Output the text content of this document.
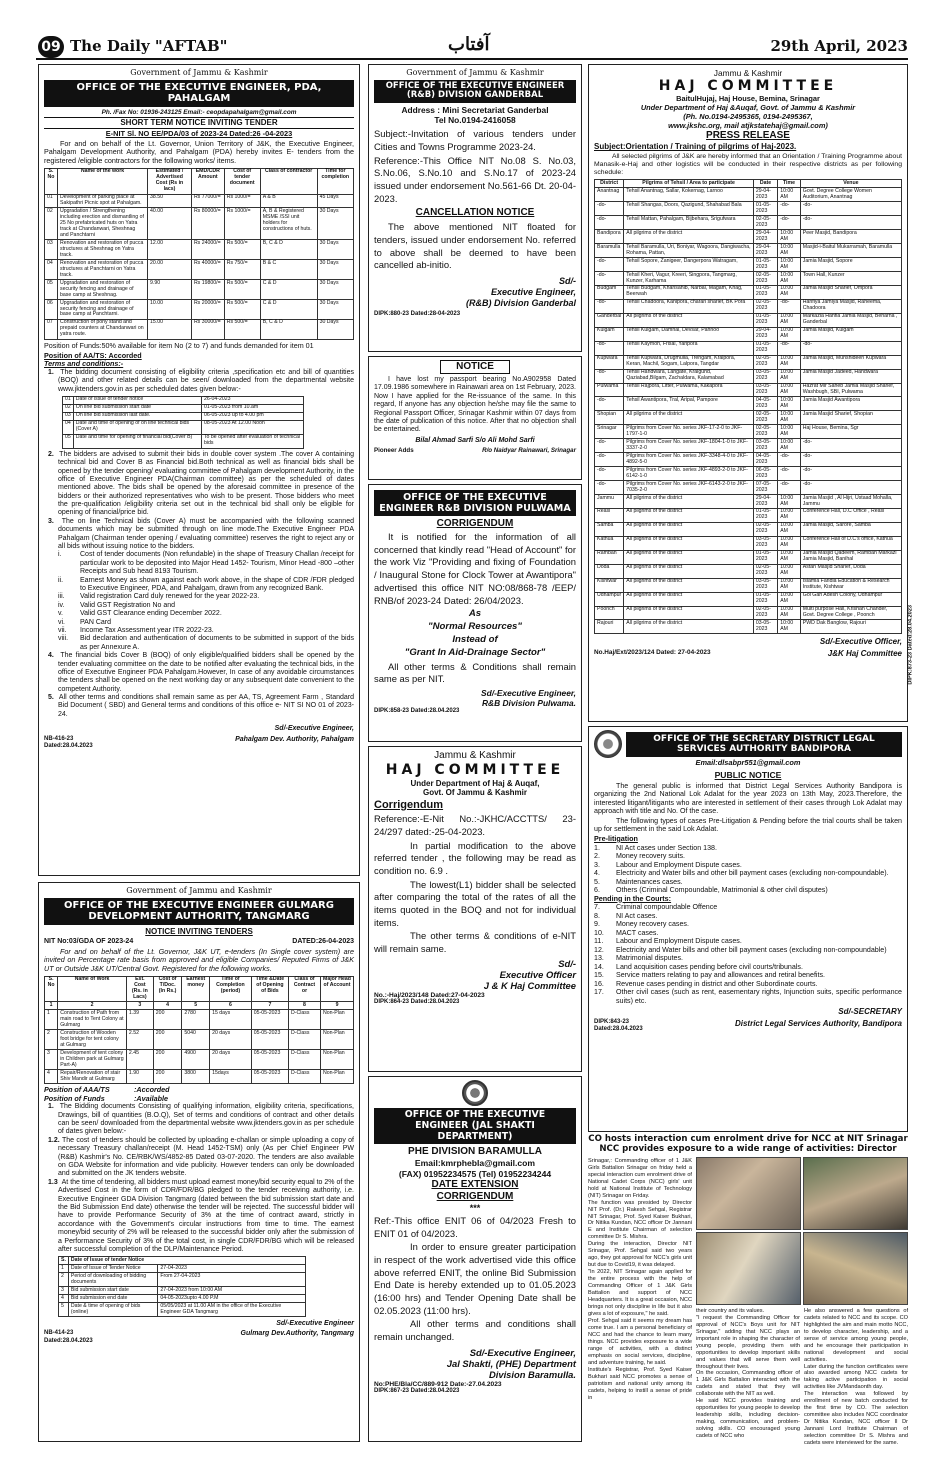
09 The Daily "AFTAB"	آفتاب	29th April, 2023
Government of Jammu & Kashmir
OFFICE OF THE EXECUTIVE ENGINEER, PDA, PAHALGAM
Ph. /Fax No: 01936-243125 Email:- ceopdapahalgam@gmail.com
SHORT TERM NOTICE INVITING TENDER
E-NIT Sl. NO EE/PDA/03 of 2023-24 Dated:26 -04-2023
For and on behalf of the Lt. Governor, Union Territory of J&K, the Executive Engineer, Pahalgam Development Authority, and Pahalgam (PDA) hereby invites E- tenders from the registered /eligible contractors for the following works/ items.
S. No	Name of the work	Estimated / Advertised Cost (Rs in lacs)	EMD/CDR Amount	Cost of tender document	Class of contractor	Time for completion
01	Development of parking place at Sakipathri Picnic spot at Pahalgam.	38.50	Rs 77000/=	Rs 1000/=	A & B	45 Days
02	Upgradation / Strengthening including erection and dismantling of 25 No prefabricated huts on Yatra track at Chandanwari, Sheshnag and Panchtarni	40.00	Rs 80000/=	Rs 1000/=	A, B & Registered MSME /SSI unit holders for constructions of huts.	30 Days
03	Renovation and restoration of pucca structures at Sheshnag on Yatra track.	12.00	Rs 24000/=	Rs 500/=	B, C & D	30 Days
04	Renovation and restoration of pucca structures at Panchtarni on Yatra track.	20.00	Rs 40000/=	Rs 750/=	B & C	30 Days
05	Upgradation and restoration of security fencing and drainage of base camp at Sheshnag.	9.90	Rs 19800/=	Rs 500/=	C & D	30 Days
06	Upgradation and restoration of security fencing and drainage of base camp at Panchtarni.	10.00	Rs 20000/=	Rs 500/=	C & D	30 Days
07	Construction of pony stand and prepaid counters at Chandanwari on yatra route.	15.00	Rs 30000/=	Rs 500/=	B, C & D	30 Days
Position of Funds:50% available for item No (2 to 7) and funds demanded for item 01
Position of AA/TS: Accorded
Terms and conditions:-
1.  The bidding document consisting of eligibility criteria ,specification etc and bill of quantities (BOQ) and other related details can be seen/ downloaded from the departmental website www.jktenders.gov.in as per scheduled dates given below:-
01	Date of issue of tender notice	26-04-2023
02	On line bid submission start date	01-05-2023 from 10.am
03	On line bid submission last date.	06-05-2023 up to 4.00 pm
04	Date and time of opening of on line technical bids (Cover A)	08-05-2023 At 12.00 Noon
05	Date and time for opening of financial bid(Cover B)	To be opened after evaluation of technical bids
2.  The bidders are advised to submit their bids in double cover system .The cover A containing technical bid and Cover B as Financial bid.Both technical as well as financial bids shall be opened by the tender opening/ evaluating committee of Pahalgam development Authority, in the office of Executive Engineer PDA(Chairman committee) as per the scheduled of dates mentioned above. The bids shall be opened by the aforesaid committee in presence of the bidders or their authorized representatives who wish to be present. Those bidders who meet the pre-qualification /eligibility criteria set out in the technical bid shall only be eligible for opening of financial/price bid.
3.  The on line Technical bids (Cover A) must be accompanied with the following scanned documents which may be submitted through on line mode.The Executive Engineer PDA Pahalgam (Chairman tender opening / evaluating committee) reserves the right to reject any or all bids without issuing notice to the bidders.
i.	Cost of tender documents (Non refundable) in the shape of Treasury Challan /receipt for particular work to be deposited into Major Head 1452- Tourism, Minor Head -800 –other Receipts and Sub head 8193 Tourism.
ii.	Earnest Money as shown against each work above, in the shape of CDR /FDR pledged to Executive Engineer, PDA, and Pahalgam, drawn from any recognized Bank.
iii.	Valid registration Card duly renewed for the year 2022-23.
iv.	Valid GST Registration No and
v.	Valid GST Clearance ending December 2022.
vi.	PAN Card
vii.	Income Tax Assessment year ITR 2022-23.
viii.	Bid declaration and authentication of documents to be submitted in support of the bids as per Annexure A.
4.  The financial bids Cover B (BOQ) of only eligible/qualified bidders shall be opened by the tender evaluating committee on the date to be notified after evaluating the technical bids, in the office of Executive Engineer PDA Pahalgam.However, In case of any avoidable circumstances the tenders shall be opened on the next working day or any subsequent date convenient to the competent Authority.
5.  All other terms and conditions shall remain same as per AA, TS, Agreement Farm , Standard Bid Document ( SBD) and General terms and conditions of this office e- NIT SI NO 01 of 2023-24.
Sd/-Executive Engineer,
NB-416-23
Dated:28.04.2023
Pahalgam Dev. Authority, Pahalgam
Government of Jammu and Kashmir
OFFICE OF THE EXECUTIVE ENGINEER GULMARG DEVELOPMENT AUTHORITY, TANGMARG
NOTICE INVITING TENDERS
NIT No:03/GDA OF 2023-24	DATED:26-04-2023
For and on behalf of the Lt. Governor, J&K UT, e-tenders (In Single cover system) are invited on Percentage rate basis from approved and eligible Companies/ Reputed Firms of J&K UT or Outside J&K UT/Central Govt. Registered for the following works.
S. No	Name of Work	Est. Cost (Rs. in Lacs)	Cost of T/Doc. (In Rs.)	Earnest money	Time of Completion (period)	Time &Date of Opening of Bids	Class of Contract or	Major Head of Account
1	2	3	4	5	6	7	8	9
1	Construction of Path from main road to Tent Colony at Gulmarg	1.39	200	2780	15 days	05-05-2023	D-Class	Non-Plan
2	Construction of Wooden foot bridge for tent colony at Gulmarg	2.52	200	5040	20 days	05-05-2023	D-Class	Non-Plan
3	Development of tent colony in Children park at Gulmarg Part-A)	2.45	200	4900	20 days	05-05-2023	D-Class	Non-Plan
4	Repair/Renovation of stair Shiv Mandir at Gulmarg	1.90	200	3800	15days	05-05-2023	D-Class	Non-Plan
Position of AAA/TS	:Accorded
Position of Funds	:Available
1.  The Bidding documents Consisting of qualifying information, eligibility criteria, specifications, Drawings, bill of quantities (B.O.Q), Set of terms and conditions of contract and other details can be seen/ downloaded from the departmental website www.jktenders.gov.in as per schedule of dates given below:-
1.2. The cost of tenders should be collected by uploading e-challan or simple uploading a copy of necessary Treasury challan/receipt (M. Head 1452-TSM) only (As per Chief Engineer PW (R&B) Kashmir's No. CE/RBK/WS/4852-85 Dated 03-07-2020. The tenders are also available on GDA Website for information and vide publicity. However tenders can only be downloaded and submitted on the JK tenders website.
1.3  At the time of tendering, all bidders must upload earnest money/bid security equal to 2% of the Advertised Cost in the form of CDR/FDR/BG pledged to the tender receiving authority, i.e. Executive Engineer GDA Division Tangmarg (dated between the bid submission start date and the Bid Submission End date) otherwise the tender will be rejected. The successful bidder will have to provide Performance Security of 3% at the time of contract award, strictly in accordance with the Government's circular instructions from time to time. The earnest money/bid security of 2% will be released to the successful bidder only after the submission of a Performance Security of 3% of the total cost, in single CDR/FDR/BG which will be released after successful completion of the DLP/Maintenance Period.
S.	Date of Issue of tender Notice	
1	Date of Issue of Tender Notice	27-04-2023
2	Period of downloading of bidding documents	From 27-04-2023
3	Bid submission start date	27-04-2023 from 10:00 AM
4	Bid submission end date	04-05-2023upto 4.00 P.M
5	Date & time of opening of bids (online)	05/05/2023 at 11.00 AM in the office of the Executive Engineer GDA Tangmarg
Sd/-Executive Engineer
NB-414-23
Dated:28.04.2023
Gulmarg Dev.Authority, Tangmarg
Government of Jammu & Kashmir
OFFICE OF THE EXECUTIVE ENGINEER (R&B) DIVISION GANDERBAL
Address : Mini Secretariat Ganderbal
Tel No.0194-2416058
Subject:-Invitation of various tenders under Cities and Towns Programme 2023-24.
Reference:-This Office NIT No.08 S. No.03, S.No.06, S.No.10 and S.No.17 of 2023-24 issued under endorsement No.561-66 Dt. 20-04-2023.
CANCELLATION NOTICE
The above mentioned NIT floated for tenders, issued under endorsement No. referred to above shall be deemed to have been cancelled ab-initio.
Sd/-
Executive Engineer,
(R&B) Division Ganderbal
DIPK:880-23 Dated:28-04-2023
NOTICE
I have lost my passport bearing No.A902958 Dated 17.09.1986 somewhere in Rainawari area on 1st February, 2023. Now I have applied for the Re-issuance of the same. In this regard, If anyone has any objection he/she may file the same to Regional Passport Officer, Srinagar Kashmir within 07 days from the date of publication of this notice. After that no objection shall be entertained.
Bilal Ahmad Sarfi S/o Ali Mohd Sarfi
Pioneer Adds	R/o Naidyar Rainawari, Srinagar
OFFICE OF THE EXECUTIVE ENGINEER R&B DIVISION PULWAMA
CORRIGENDUM
It is notified for the information of all concerned that kindly read "Head of Account" for the work Viz "Providing and fixing of Foundation / Inaugural Stone for Clock Tower at Awantipora" advertised this office NIT NO:08/868-78 /EEP/ RNB/of 2023-24 Dated: 26/04/2023.
As
"Normal Resources"
Instead of
"Grant In Aid-Drainage Sector"
All other terms & Conditions shall remain same as per NIT.
Sd/-Executive Engineer,
R&B Division Pulwama.
DIPK:858-23 Dated:28.04.2023
Jammu & Kashmir
HAJ COMMITTEE
Under Department of Haj & Auqaf,
Govt. Of Jammu & Kashmir
Corrigendum
Reference:-E-Nit No.:-JKHC/ACCTTS/ 23-24/297 dated:-25-04-2023.
In partial modification to the above referred tender , the following may be read as condition no. 6.9 .
The lowest(L1) bidder shall be selected after comparing the total of the rates of all the items quoted in the BOQ and not for individual items.
The other terms & conditions of e-NIT will remain same.
Sd/-
Executive Officer
J & K Haj Committee
No.:-Haj/2023/148 Dated:27-04-2023
DIPK:864-23 Dated:28.04.2023
OFFICE OF THE EXECUTIVE ENGINEER (JAL SHAKTI DEPARTMENT)
PHE DIVISION BARAMULLA
Email:kmrphebla@gmail.com
(FAX) 01952234575 (Tel) 01952234244
DATE EXTENSION
CORRIGENDUM
***
Ref:-This office ENIT 06 of 04/2023 Fresh to ENIT 01 of 04/2023.
In order to ensure greater participation in respect of the work advertised vide this office above referred ENIT, the online Bid Submission End Date is hereby extended up to 01.05.2023 (16:00 hrs) and Tender Opening Date shall be 02.05.2023 (11:00 hrs).
All other terms and conditions shall remain unchanged.
Sd/-Executive Engineer,
Jal Shakti, (PHE) Department
Division Baramulla.
No:PHE/Bla/CC/889-912 Date:-27.04.2023
DIPK:867-23 Dated:28.04.2023
Jammu & Kashmir
HAJ COMMITTEE
BaitulHujaj, Haj House, Bemina, Srinagar
Under Department of Haj &Auqaf, Govt. of Jammu & Kashmir
(Ph. No.0194-2495365, 0194-2495367,
www.jkshc.org, mail atjkstatehaj@gmail.com)
PRESS RELEASE
Subject:Orientation / Training of pilgrims of Haj-2023.
All selected pilgrims of J&K are hereby informed that an Orientation / Training Programme about Manasik-e-Haj and other logistics will be conducted in their respective districts as per following schedule:
District	Pilgrims of Tehsil / Area to participate	Date	Time	Venue
Anantnag	Tehsil Anantnag, Sallar, Kokernag, Larnoo	29-04-2023	10:00 AM	Govt. Degree College Women Auditorium, Anantnag
-do-	Tehsil Shangas, Doors, Qazigund, Shahabad Bala	01-05-2023	-do-	-do-
-do-	Tehsil Mattan, Pahalgam, Bijbehara, Srigufwara	02-05-2023	-do-	-do-
Bandipora	All pilgrims of the district	29-04-2023	10:00 AM	Peer Masjid, Bandipora
Baramulla	Tehsil Baramulla, Uri, Boniyar, Wagoora, Dangiwacha, Rohama, Pattan,	29-04-2023	10:00 AM	Masjid-i-Baitul Mukarramah, Baramulla
-do-	Tehsil Sopore, Zanigeer, Dangerpora Watragam,	01-05-2023	10:00 AM	Jamia Masjid, Sopore
-do-	Tehsil Kheri, Vagur, Kreeri, Singpora, Tangmarg, Kunzer, Karhama	02-05-2023	10:00 AM	Town Hall, Kunzer
Budgam	Tehsil Budgam, Khansahib, Narbal, Magam, Khag, Beerwah	01-05-2023	10:00 AM	Jamia Masjid Sharief, Ompora
-do-	Tehsil Chadoora, Kanipora, charari sharief, BK Pora	02-05-2023	-do-	Hanfiya Jamiya Masjid, Raheema, Chadoora
Ganderbal	All pilgrims of the district	01-05-2023	10:00 AM	Markazia Hanfia Jamia Masjid, Beharna , Ganderbal
Kulgam	Tehsil Kulgam, Damhal, Devsar, Pahnoo	29-04-2023	10:00 AM	Jamia Masjid, Kulgam
-do-	Tehsil Kaymoh, Frisal, Yaripora	01-05-2023	-do-	-do-
Kupwara	Tehsil Kupwara, Drugmulla, Trehgam, Kralpora, Keran, Machil, Sogam, Lalpora, Tangdar	02-05-2023	10:00 AM	Jamia Masjid, Munshideen Kupwara
-do-	Tehsil Handwara, Langate, Kralgund, Qaziabad,Bilgam, Zachaldara, Kalamabad	03-05-2023	10:00 AM	Jamia Masjid Jadeed, Handwara
Pulwama	Tehsil Rajpora, Litter, Pulwama, Kakapora	03-05-2023	10:00 AM	Hazrat Mir Saheb Jamia Masjid Sharief, Washbugh, SBI, Pulwama
-do-	Tehsil Awantipora, Tral, Aripal, Pampore	04-05-2023	10:00 AM	Jamia Masjid Awantipora
Shopian	All pilgrims of the district	02-05-2023	10:00 AM	Jamia Masjid Sharief, Shopian
Srinagar	Pilgrims from Cover No. series JKF-17-2-0 to JKF-1797-1-0	02-05-2023	10:00 AM	Haj House, Bemina, Sgr
-do-	Pilgrims from Cover No. series JKF-1804-1-0 to JKF-3337-2-0	03-05-2023	10:00 AM	-do-
-do-	Pilgrims from Cover No. series JKF-3348-4-0 to JKF-4892-5-0	04-05-2023	-do-	-do-
-do-	Pilgrims from Cover No. series JKF-4893-2-0 to JKF-6142-1-0	06-05-2023	-do-	-do-
-do-	Pilgrims from Cover No. series JKF-6143-2-0 to JKF-7035-2-0	07-05-2023	-do-	-do-
Jammu	All pilgrims of the district	29-04-2023	10:00 AM	Jamia Masjid , Al Hijri, Ustaad Mohalla, Jammu
Reasi	All pilgrims of the district	01-05-2023	10:00 AM	Conference Hall, D.C Office , Reasi
Samba	All pilgrims of the district	02-05-2023	10:00 AM	Jamia Masjid, Sarore, Samba
Kathua	All pilgrims of the district	03-05-2023	10:00 AM	Conference Hall of D.C's office, Kathua
Ramban	All pilgrims of the district	01-05-2023	10:00 AM	Jamia Masjid Qadeem, Ramban Markazi Jamia Masjid, Banihal
Doda	All pilgrims of the district	02-05-2023	10:00 AM	Astan Masjid Sharief, Doda
Kishtwar	All pilgrims of the district	03-05-2023	10:00 AM	Islamia Faridia Education & Research Institute, Kishtwar
Udhampur	All pilgrims of the district	01-05-2023	10:00 AM	Gol Gah Adesh Colony, Udhampur
Poonch	All pilgrims of the district	02-05-2023	10:00 AM	Multi purpose Hall, Krishan Chander, Govt. Degree College , Poonch
Rajouri	All pilgrims of the district	03-05-2023	10:00 AM	PWD Dak Banglow, Rajouri
Sd/-Executive Officer,
No.Haj/Ext/2023/124 Dated: 27-04-2023	J&K Haj Committee DIPK:873-23 Dated:28.04.2023
OFFICE OF THE SECRETARY DISTRICT LEGAL SERVICES AUTHORITY BANDIPORA
Email:dlsabpr551@gmail.com
PUBLIC NOTICE
The general public is informed that District Legal Services Authority Bandipora is organizing the 2nd National Lok Adalat for the year 2023 on 13th May, 2023.Therefore, the interested litigant/litigants who are interested in settlement of their cases through Lok Adalat may approach with title and No. Of the case.
The following types of cases Pre-Litigation & Pending before the trial courts shall be taken up for settlement in the said Lok Adalat.
Pre-litigation
1.	NI Act cases under Section 138.
2.	Money recovery suits.
3.	Labour and Employment Dispute cases.
4.	Electricity and Water bills and other bill payment cases (excluding non-compoundable).
5.	Maintenances cases.
6.	Others (Criminal Compoundable, Matrimonial & other civil disputes)
Pending in the Courts:
7.	Criminal compoundable Offence
8.	NI Act cases.
9.	Money recovery cases.
10.	MACT cases.
11.	Labour and Employment Dispute cases.
12.	Electricity and Water bills and other bill payment cases (excluding non-compoundable)
13.	Matrimonial disputes.
14.	Land acquisition cases pending before civil courts/tribunals.
15.	Service matters relating to pay and allowances and retiral benefits.
16.	Revenue cases pending in district and other Subordinate courts.
17.	Other civil cases (such as rent, easementary rights, Injunction suits, specific performance suits) etc.
Sd/-SECRETARY
DIPK:843-23
Dated:28.04.2023
District Legal Services Authority, Bandipora
CO hosts interaction cum enrolment drive for NCC at NIT Srinagar
NCC provides exposure to a wide range of activities: Director
Srinagar,: Commanding officer of 1 J&K Girls Battalion Srinagar on friday held a special interaction cum enrolment drive of National Cadet Corps (NCC) girls' unit hold at National Institute of Technology (NIT) Srinagar on Friday.
The function was presided by Director NIT Prof. (Dr.) Rakesh Sehgal, Registrar NIT Srinagar, Prof. Syed Kaiser Bukhari, Dr Nitika Kundan, NCC officer Dr Jannani E and Institute Chairman of selection committee Dr S. Mishra.
During the interaction, Director NIT Srinagar, Prof. Sehgal said two years ago, they got approval for NCC's girls unit but due to Covid19, it was delayed.
"In 2022, NIT Srinagar again applied for the entire process with the help of Commanding Officer of 1 J&K Girls Battalion and support of NCC Headquarters. It is a great occasion, NCC brings not only discipline in life but it also gives a lot of exposure," he said.
Prof. Sehgal said it seems my dream has come true. I am a personal beneficiary of NCC and had the chance to learn many things. NCC provides exposure to a wide range of activities, with a distinct emphasis on social services, discipline, and adventure training, he said.
Institute's Registrar, Prof. Syed Kaiser Bukhari said NCC promotes a sense of patriotism and national unity among its cadets, helping to instill a sense of pride in
their country and its values.
"I request the Commanding Officer for approval of NCC's Boys unit for NIT Srinagar," adding that NCC plays an important role in shaping the character of young people, providing them with opportunities to develop important skills and values that will serve them well throughout their lives.
On the occasion, Commanding officer of 1 J&K Girls Battalion interacted with the cadets and stated that they will collaborate with the NIT as well.
He said NCC provides training and opportunities for young people to develop leadership skills, including decision-making, communication, and problem-solving skills. CO encouraged young cadets of NCC who
He also answered a few questions of cadets related to NCC and its scope. CO highlighted the aim and main motto NCC, to develop character, leadership, and a sense of service among young people, and he encourage their participation in national development and social activities.
Later during the function certificates were also awarded among NCC cadets for taking active participation in social activities like JVMandaonth day.
The interaction was followed by enrollment of new batch conducted for the first time by CO. The selection committee also includes NCC coordinator Dr Nitika Kundan, NCC officer II Dr Jannani Lord Institute Chairman of selection committee Dr S. Mishra and cadets were interviewed for the same.
